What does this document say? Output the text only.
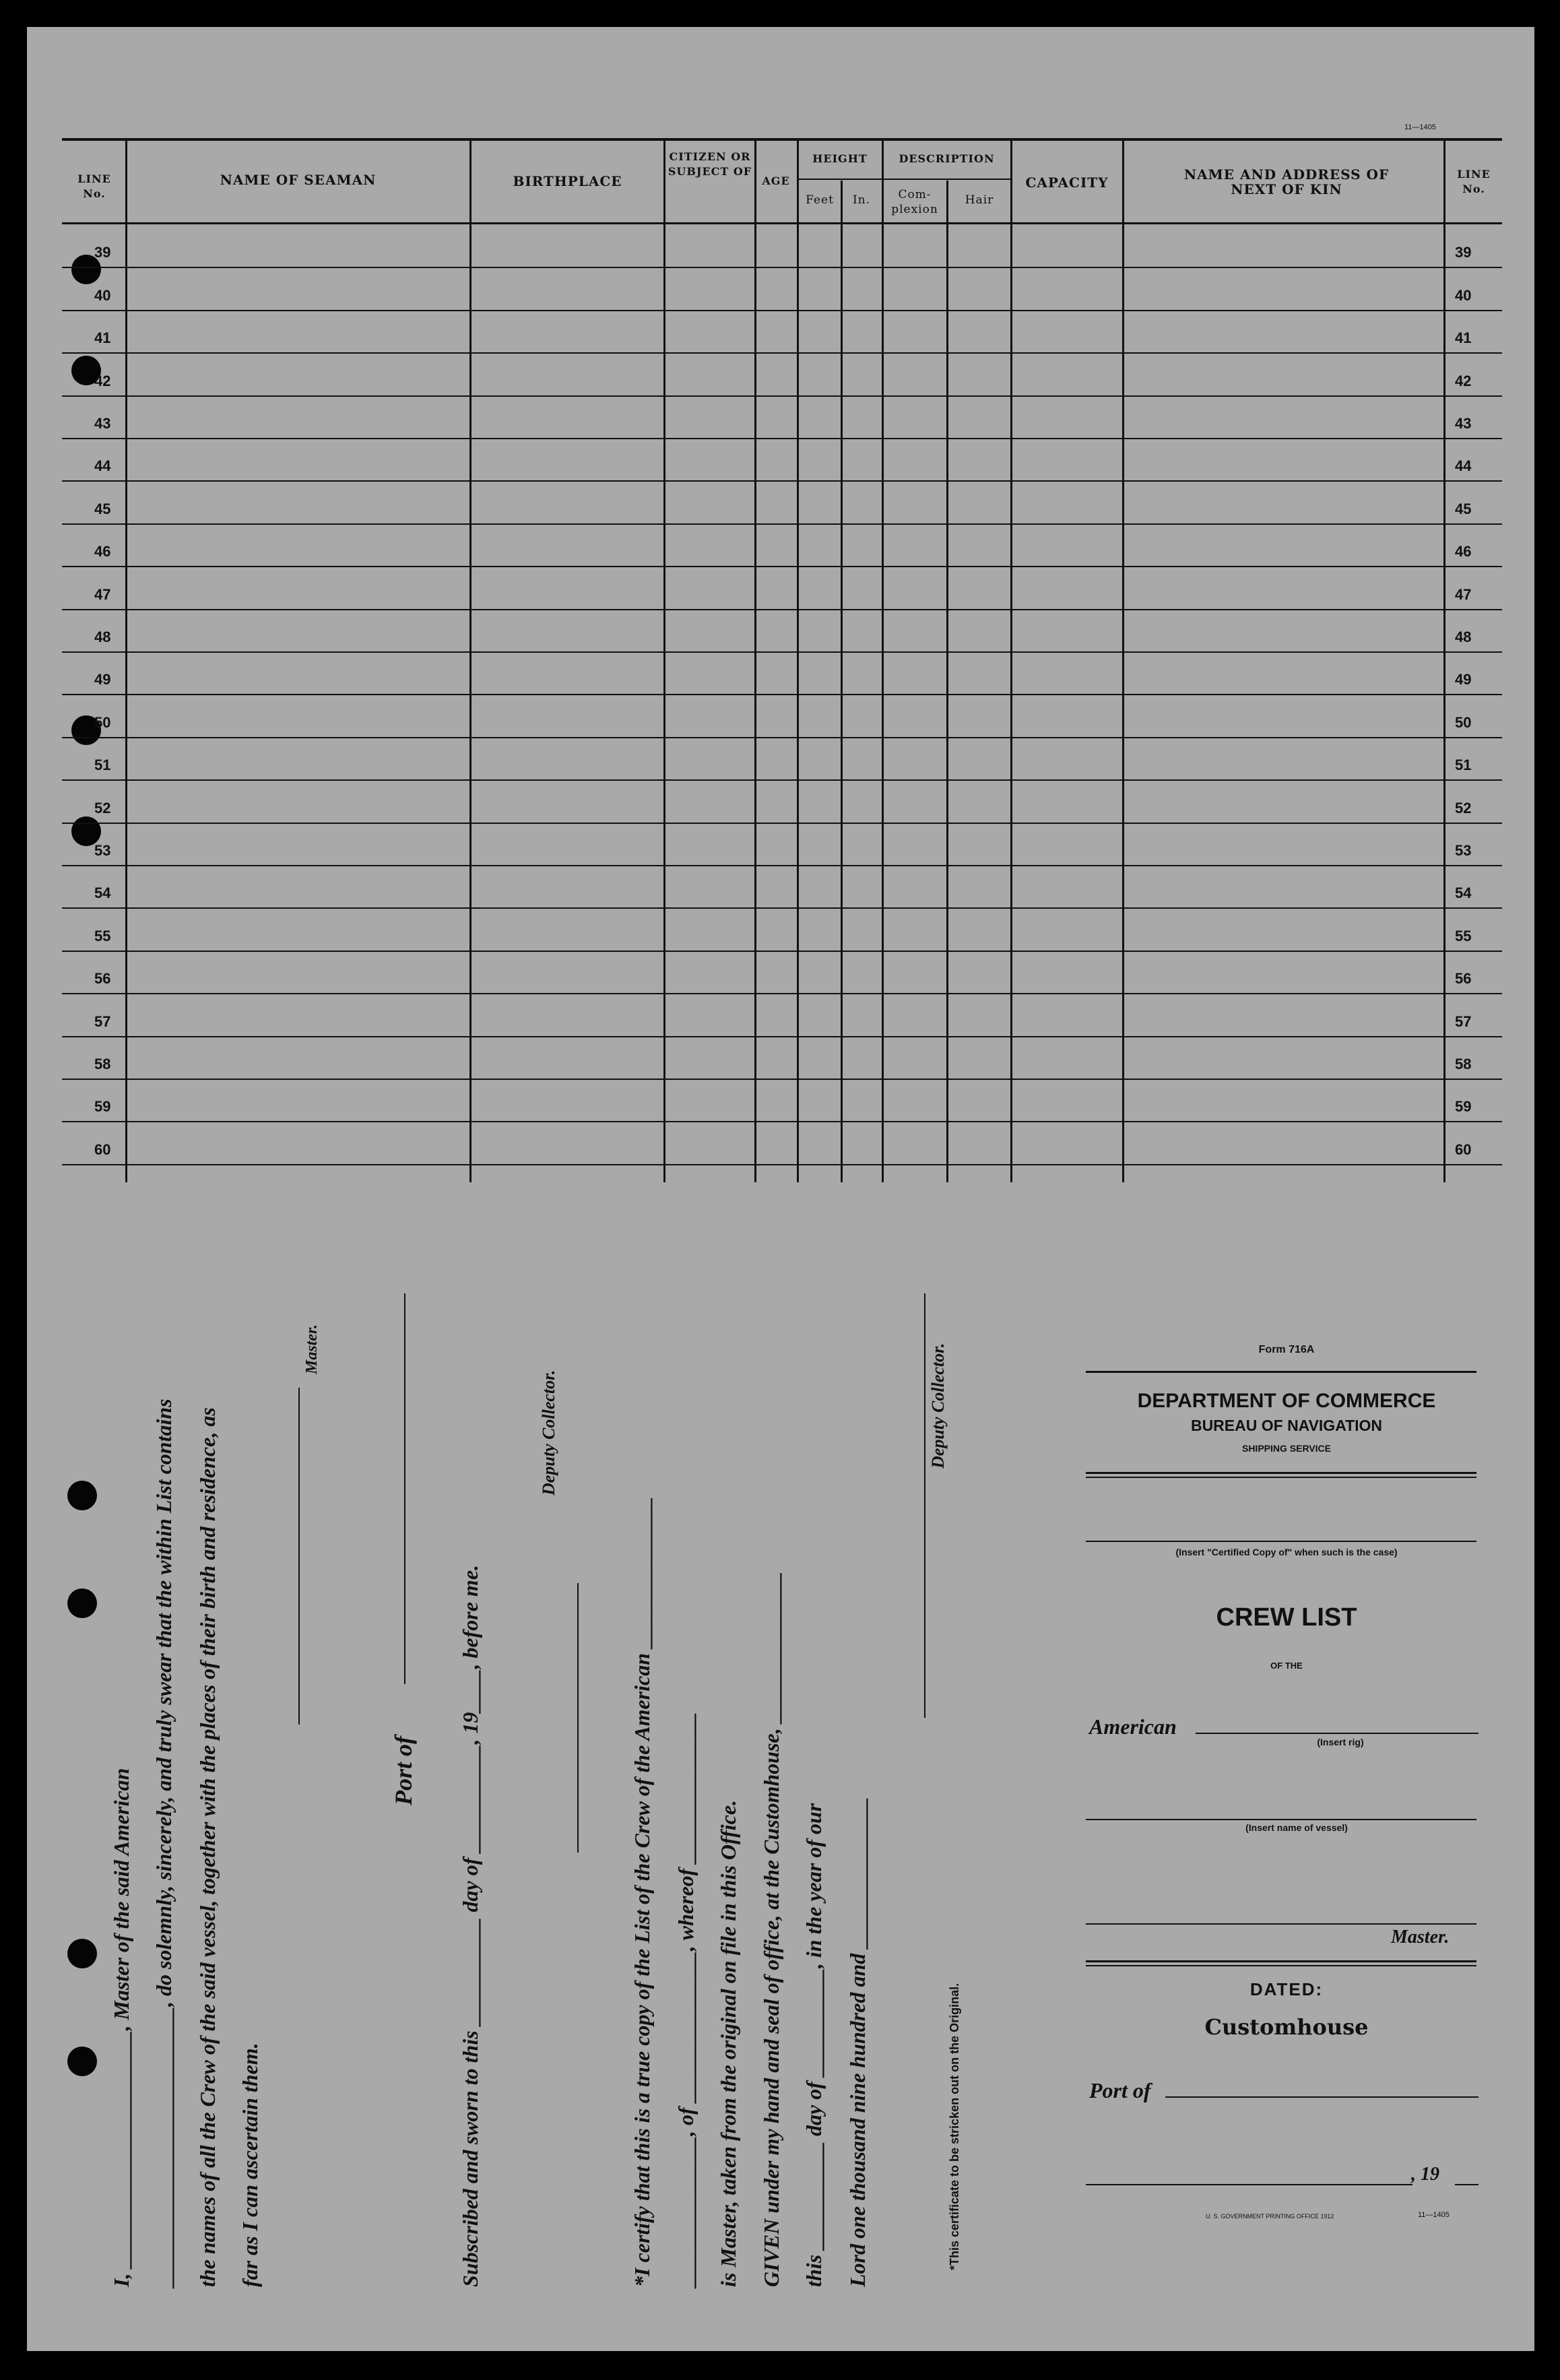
11—1405
LINE No.
NAME OF SEAMAN	BIRTHPLACE
CITIZEN OR SUBJECT OF
AGE
HEIGHT
Feet	In.
DESCRIPTION
Com- plexion
Hair
CAPACITY	NAME AND ADDRESS OF NEXT OF KIN
LINE No.
39	39
40	40
41	41
42	42
43	43
44	44
45	45
46	46
47	47
48	48
49	49
50	50
51	51
52	52
53	53
54	54
55	55
56	56
57	57
58	58
59	59
60	60
I, ______________________, Master of the said American __________________________, do solemnly, sincerely, and truly swear that the within List contains the names of all the Crew of the said vessel, together with the places of their birth and residence, as far as I can ascertain them.
Master.
Port of Subscribed and sworn to this __________ day of __________, 19____, before me.
Deputy Collector.
*I certify that this is a true copy of the List of the Crew of the American ______________ ______________, of ______________, whereof ______________ is Master, taken from the original on file in this Office. GIVEN under my hand and seal of office, at the Customhouse, ______________ this __________ day of __________, in the year of our Lord one thousand nine hundred and ______________
Deputy Collector.
*This certificate to be stricken out on the Original.
Form 716A
DEPARTMENT OF COMMERCE
BUREAU OF NAVIGATION
SHIPPING SERVICE
(Insert "Certified Copy of" when such is the case)
CREW LIST
OF THE
American
(Insert rig)
(Insert name of vessel)
Master.
DATED:
Customhouse
Port of
, 19
U. S. GOVERNMENT PRINTING OFFICE 1912	11—1405
